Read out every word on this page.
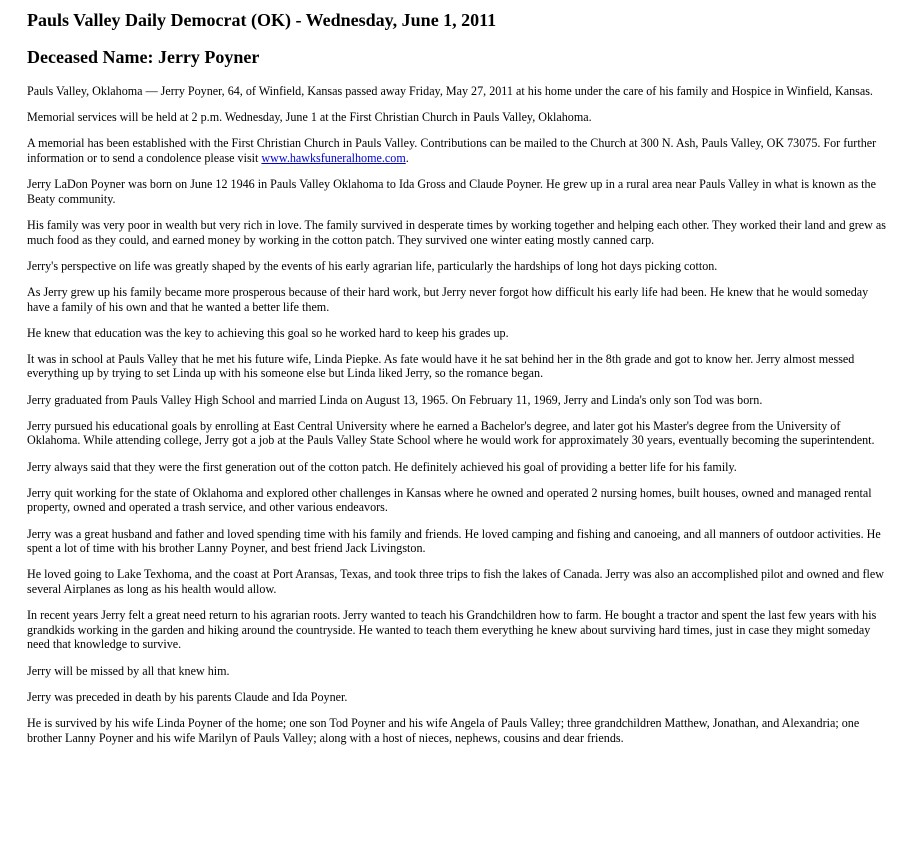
Pauls Valley Daily Democrat (OK) - Wednesday, June 1, 2011
Deceased Name: Jerry Poyner

Pauls Valley, Oklahoma — Jerry Poyner, 64, of Winfield, Kansas passed away Friday, May 27, 2011 at his home under the care of his family and Hospice in Winfield, Kansas.

Memorial services will be held at 2 p.m. Wednesday, June 1 at the First Christian Church in Pauls Valley, Oklahoma.

A memorial has been established with the First Christian Church in Pauls Valley. Contributions can be mailed to the Church at 300 N. Ash, Pauls Valley, OK 73075. For further information or to send a condolence please visit www.hawksfuneralhome.com.

Jerry LaDon Poyner was born on June 12 1946 in Pauls Valley Oklahoma to Ida Gross and Claude Poyner. He grew up in a rural area near Pauls Valley in what is known as the Beaty community.

His family was very poor in wealth but very rich in love. The family survived in desperate times by working together and helping each other. They worked their land and grew as much food as they could, and earned money by working in the cotton patch. They survived one winter eating mostly canned carp.

Jerry's perspective on life was greatly shaped by the events of his early agrarian life, particularly the hardships of long hot days picking cotton.

As Jerry grew up his family became more prosperous because of their hard work, but Jerry never forgot how difficult his early life had been. He knew that he would someday have a family of his own and that he wanted a better life them.

He knew that education was the key to achieving this goal so he worked hard to keep his grades up.

It was in school at Pauls Valley that he met his future wife, Linda Piepke. As fate would have it he sat behind her in the 8th grade and got to know her. Jerry almost messed everything up by trying to set Linda up with his someone else but Linda liked Jerry, so the romance began.

Jerry graduated from Pauls Valley High School and married Linda on August 13, 1965. On February 11, 1969, Jerry and Linda's only son Tod was born.

Jerry pursued his educational goals by enrolling at East Central University where he earned a Bachelor's degree, and later got his Master's degree from the University of Oklahoma. While attending college, Jerry got a job at the Pauls Valley State School where he would work for approximately 30 years, eventually becoming the superintendent.

Jerry always said that they were the first generation out of the cotton patch. He definitely achieved his goal of providing a better life for his family.

Jerry quit working for the state of Oklahoma and explored other challenges in Kansas where he owned and operated 2 nursing homes, built houses, owned and managed rental property, owned and operated a trash service, and other various endeavors.

Jerry was a great husband and father and loved spending time with his family and friends. He loved camping and fishing and canoeing, and all manners of outdoor activities. He spent a lot of time with his brother Lanny Poyner, and best friend Jack Livingston.

He loved going to Lake Texhoma, and the coast at Port Aransas, Texas, and took three trips to fish the lakes of Canada. Jerry was also an accomplished pilot and owned and flew several Airplanes as long as his health would allow.

In recent years Jerry felt a great need return to his agrarian roots. Jerry wanted to teach his Grandchildren how to farm. He bought a tractor and spent the last few years with his grandkids working in the garden and hiking around the countryside. He wanted to teach them everything he knew about surviving hard times, just in case they might someday need that knowledge to survive.

Jerry will be missed by all that knew him.

Jerry was preceded in death by his parents Claude and Ida Poyner.

He is survived by his wife Linda Poyner of the home; one son Tod Poyner and his wife Angela of Pauls Valley; three grandchildren Matthew, Jonathan, and Alexandria; one brother Lanny Poyner and his wife Marilyn of Pauls Valley; along with a host of nieces, nephews, cousins and dear friends.
